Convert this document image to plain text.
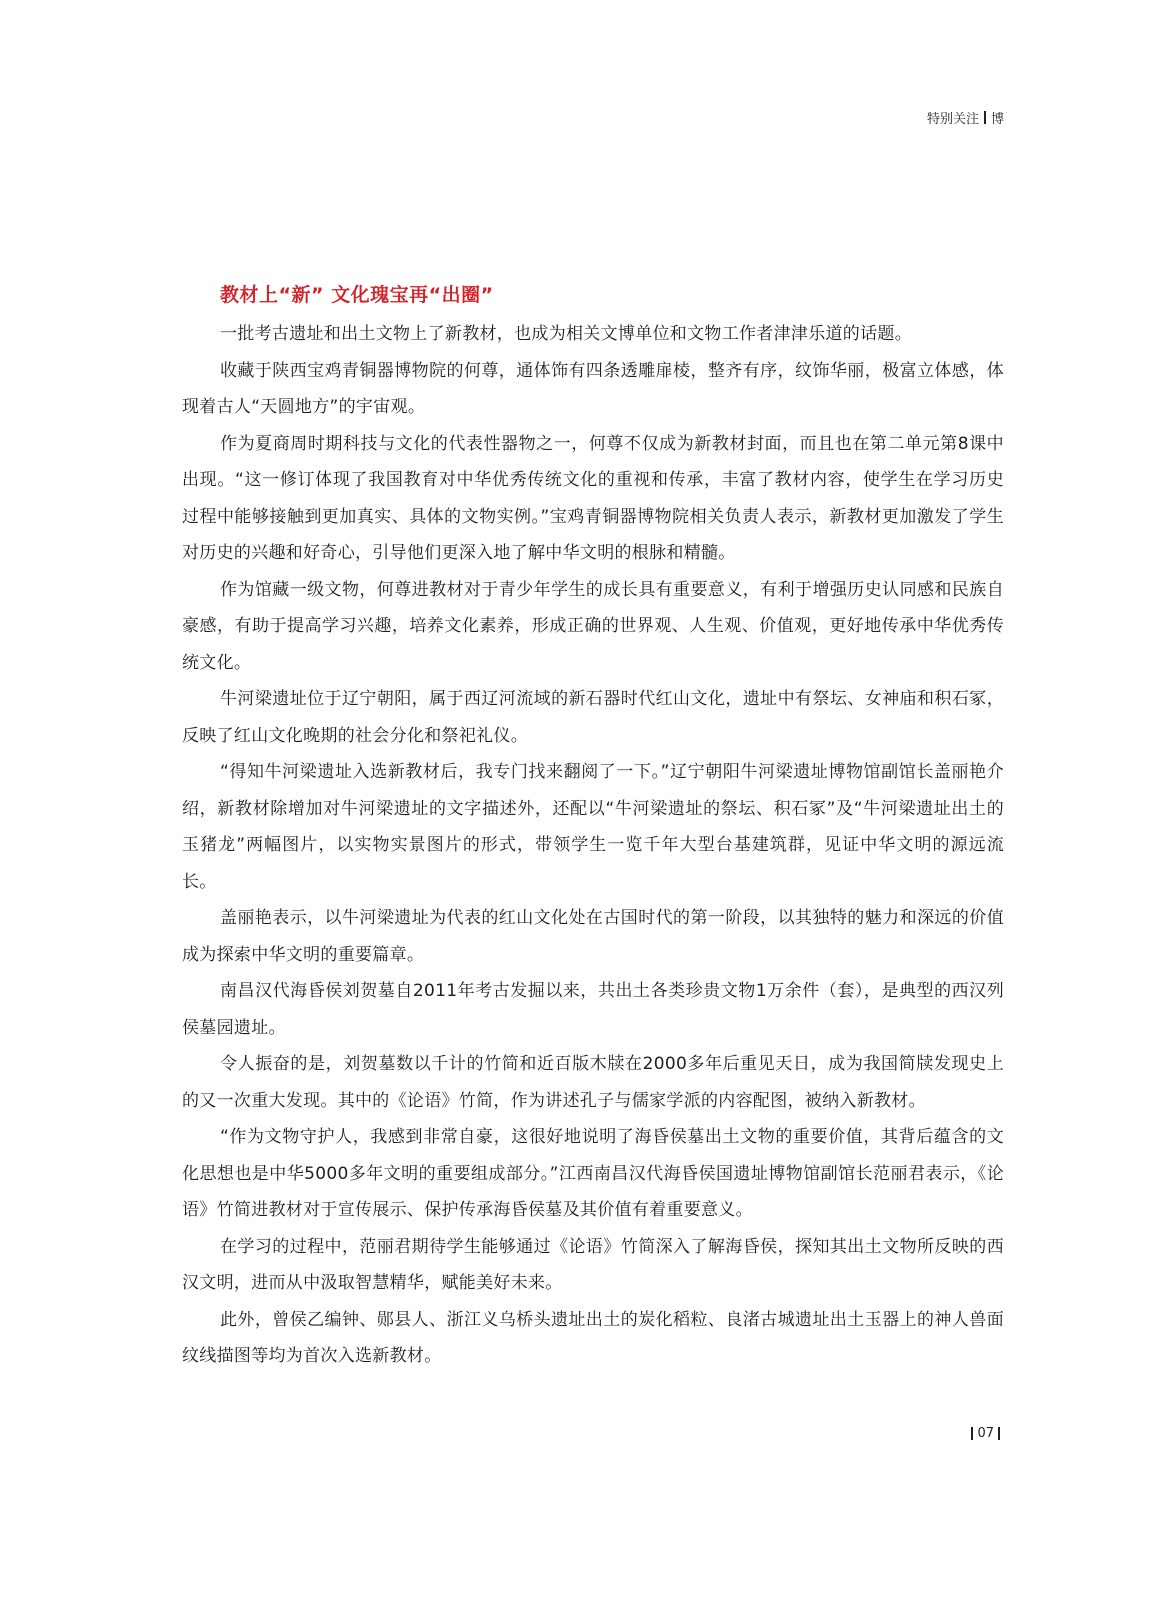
特别关注 博
教材上“新” 文化瑰宝再“出圈”

一批考古遗址和出土文物上了新教材，也成为相关文博单位和文物工作者津津乐道的话题。

收藏于陕西宝鸡青铜器博物院的何尊，通体饰有四条透雕扉棱，整齐有序，纹饰华丽，极富立体感，体现着古人“天圆地方”的宇宙观。

作为夏商周时期科技与文化的代表性器物之一，何尊不仅成为新教材封面，而且也在第二单元第8课中出现。“这一修订体现了我国教育对中华优秀传统文化的重视和传承，丰富了教材内容，使学生在学习历史过程中能够接触到更加真实、具体的文物实例。”宝鸡青铜器博物院相关负责人表示，新教材更加激发了学生对历史的兴趣和好奇心，引导他们更深入地了解中华文明的根脉和精髓。

作为馆藏一级文物，何尊进教材对于青少年学生的成长具有重要意义，有利于增强历史认同感和民族自豪感，有助于提高学习兴趣，培养文化素养，形成正确的世界观、人生观、价值观，更好地传承中华优秀传统文化。

牛河梁遗址位于辽宁朝阳，属于西辽河流域的新石器时代红山文化，遗址中有祭坛、女神庙和积石冢，反映了红山文化晚期的社会分化和祭祀礼仪。

“得知牛河梁遗址入选新教材后，我专门找来翻阅了一下。”辽宁朝阳牛河梁遗址博物馆副馆长盖丽艳介绍，新教材除增加对牛河梁遗址的文字描述外，还配以“牛河梁遗址的祭坛、积石冢”及“牛河梁遗址出土的玉猪龙”两幅图片，以实物实景图片的形式，带领学生一览千年大型台基建筑群，见证中华文明的源远流长。

盖丽艳表示，以牛河梁遗址为代表的红山文化处在古国时代的第一阶段，以其独特的魅力和深远的价值成为探索中华文明的重要篇章。

南昌汉代海昏侯刘贺墓自2011年考古发掘以来，共出土各类珍贵文物1万余件（套），是典型的西汉列侯墓园遗址。

令人振奋的是，刘贺墓数以千计的竹简和近百版木牍在2000多年后重见天日，成为我国简牍发现史上的又一次重大发现。其中的《论语》竹简，作为讲述孔子与儒家学派的内容配图，被纳入新教材。

“作为文物守护人，我感到非常自豪，这很好地说明了海昏侯墓出土文物的重要价值，其背后蕴含的文化思想也是中华5000多年文明的重要组成部分。”江西南昌汉代海昏侯国遗址博物馆副馆长范丽君表示，《论语》竹简进教材对于宣传展示、保护传承海昏侯墓及其价值有着重要意义。

在学习的过程中，范丽君期待学生能够通过《论语》竹简深入了解海昏侯，探知其出土文物所反映的西汉文明，进而从中汲取智慧精华，赋能美好未来。

此外，曾侯乙编钟、郧县人、浙江义乌桥头遗址出土的炭化稻粒、良渚古城遗址出土玉器上的神人兽面纹线描图等均为首次入选新教材。

07
